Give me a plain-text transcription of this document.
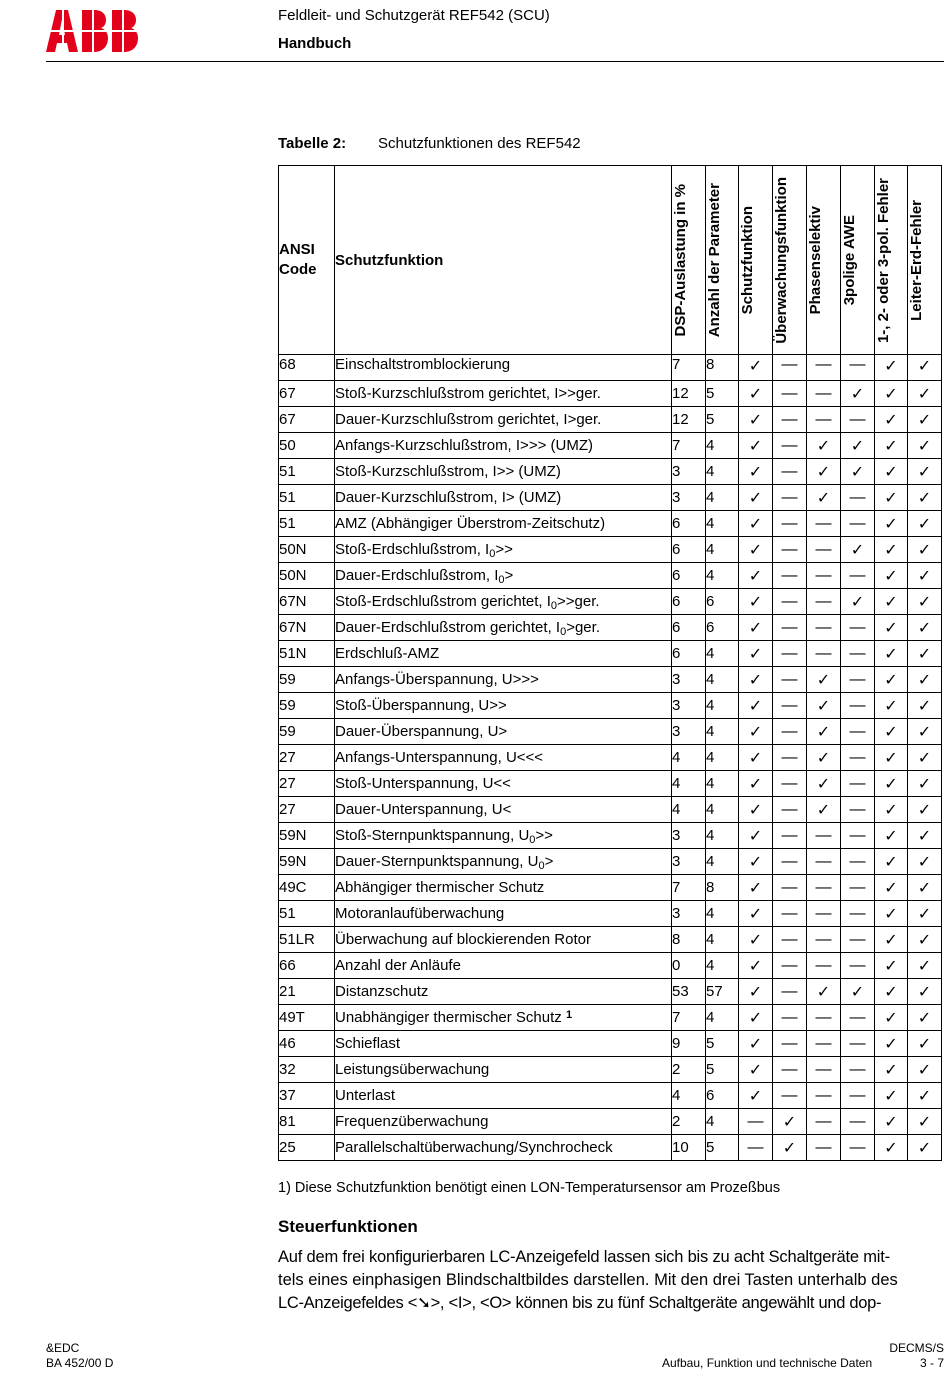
Feldleit- und Schutzgerät REF542 (SCU)
Handbuch
Tabelle 2: Schutzfunktionen des REF542
ANSI Code	Schutzfunktion	DSP-Auslastung in %	Anzahl der Parameter	Schutzfunktion	Überwachungsfunktion	Phasenselektiv	3polige AWE	1-, 2- oder 3-pol. Fehler	Leiter-Erd-Fehler
68	Einschaltstromblockierung	7	8	✓	—	—	—	✓	✓
67	Stoß-Kurzschlußstrom gerichtet, I>>ger.	12	5	✓	—	—	✓	✓	✓
67	Dauer-Kurzschlußstrom gerichtet, I>ger.	12	5	✓	—	—	—	✓	✓
50	Anfangs-Kurzschlußstrom, I>>> (UMZ)	7	4	✓	—	✓	✓	✓	✓
51	Stoß-Kurzschlußstrom, I>> (UMZ)	3	4	✓	—	✓	✓	✓	✓
51	Dauer-Kurzschlußstrom, I> (UMZ)	3	4	✓	—	✓	—	✓	✓
51	AMZ (Abhängiger Überstrom-Zeitschutz)	6	4	✓	—	—	—	✓	✓
50N	Stoß-Erdschlußstrom, $I_0>>$	6	4	✓	—	—	✓	✓	✓
50N	Dauer-Erdschlußstrom, $I_0>$	6	4	✓	—	—	—	✓	✓
67N	Stoß-Erdschlußstrom gerichtet, $I_0>>ger$.	6	6	✓	—	—	✓	✓	✓
67N	Dauer-Erdschlußstrom gerichtet, $I_0>ger$.	6	6	✓	—	—	—	✓	✓
51N	Erdschluß-AMZ	6	4	✓	—	—	—	✓	✓
59	Anfangs-Überspannung, U>>>	3	4	✓	—	✓	—	✓	✓
59	Stoß-Überspannung, U>>	3	4	✓	—	✓	—	✓	✓
59	Dauer-Überspannung, U>	3	4	✓	—	✓	—	✓	✓
27	Anfangs-Unterspannung, U<<<	4	4	✓	—	✓	—	✓	✓
27	Stoß-Unterspannung, U<<	4	4	✓	—	✓	—	✓	✓
27	Dauer-Unterspannung, U<	4	4	✓	—	✓	—	✓	✓
59N	Stoß-Sternpunktspannung, $U_0>>$	3	4	✓	—	—	—	✓	✓
59N	Dauer-Sternpunktspannung, $U_0>$	3	4	✓	—	—	—	✓	✓
49C	Abhängiger thermischer Schutz	7	8	✓	—	—	—	✓	✓
51	Motoranlaufüberwachung	3	4	✓	—	—	—	✓	✓
51LR	Überwachung auf blockierenden Rotor	8	4	✓	—	—	—	✓	✓
66	Anzahl der Anläufe	0	4	✓	—	—	—	✓	✓
21	Distanzschutz	53	57	✓	—	✓	✓	✓	✓
49T	Unabhängiger thermischer Schutz $^1$	7	4	✓	—	—	—	✓	✓
46	Schieflast	9	5	✓	—	—	—	✓	✓
32	Leistungsüberwachung	2	5	✓	—	—	—	✓	✓
37	Unterlast	4	6	✓	—	—	—	✓	✓
81	Frequenzüberwachung	2	4	—	✓	—	—	✓	✓
25	Parallelschaltüberwachung/Synchrocheck	10	5	—	✓	—	—	✓	✓
1) Diese Schutzfunktion benötigt einen LON-Temperatursensor am Prozeßbus
Steuerfunktionen
Auf dem frei konfigurierbaren LC-Anzeigefeld lassen sich bis zu acht Schaltgeräte mit-
tels eines einphasigen Blindschaltbildes darstellen. Mit den drei Tasten unterhalb des
LC-Anzeigefeldes <➘>, <I>, <O> können bis zu fünf Schaltgeräte angewählt und dop-
&EDC
BA 452/00 D
DECMS/S
Aufbau, Funktion und technische Daten	3 - 7
